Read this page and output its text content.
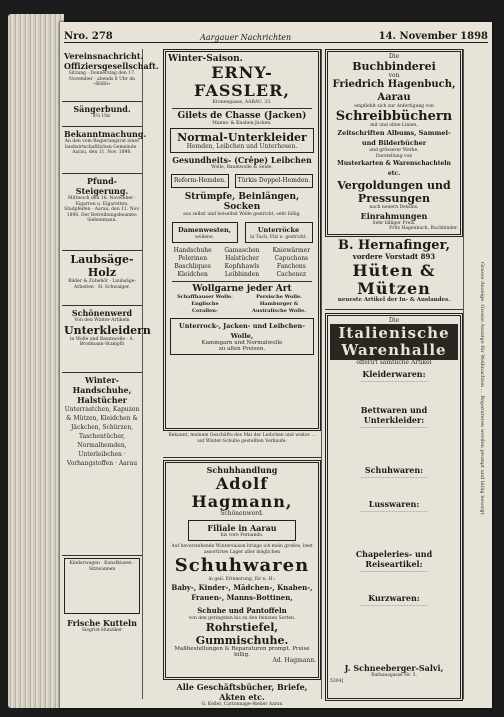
Nro. 278	Aargauer Nachrichten	14. November 1898
Vereinsnachricht.
Offiziersgesellschaft.
Sitzung · Donnerstag den 17. November · abends 8 Uhr im »Rößli«
Sängerbund.
8¼ Uhr.
Bekanntmachung.
An den vom Regierungsrat einer landwirtschaftlichen Gemeinde · Aarau, den 11. Nov. 1898.
Pfund-Steigerung.
Mittwoch den 16. November · Eigarren u. Eigaretten, Stadpfeifen · Aarau, den 11. Nov. 1898. Der Betreibungsbeamte: Siebenmann.
Laubsäge-Holz
Bilder & Zubehör · Laubsäge-Arbeiten · H. Schwaiger.
Schönenwerd
Von den Winter-Artikeln
Unterkleidern
in Wolle und Baumwolle · A. Brodmann-Stampfli
Winter-Handschuhe, Halstücher
Unterrastchen, Kapuzen & Mützen, Kleidchen & Jäckchen, Schürzen, Taschentücher, Normalhemden, Unterleibchen · Vorhangstoffen · Aarau
Kinderwagen · Kunstkissen · Sitzwannen
Frische Kutteln
Siegrist-Hunziker
Winter-Saison.
ERNY-FASSLER,
Kronengasse, AARAU, 33.
Gilets de Chasse (Jacken)
Manns- & Knaben-Jacken.
Normal-Unterkleider
Hemden, Leibchen und Unterhosen.
Gesundheits- (Crêpe) Leibchen
Wolle, Baumwolle & Seide.
Reform-Hemden.	Türkis Doppel-Hemden.
Strümpfe, Beinlängen, Socken
aus selbst und beiselbst Wolle gestrickt, sehr billig.
Damenwesten,
wollene.
Unterröcke
in Tuch, Filz u. gestrickt.
Handschuhe	Gamaschen	Kniewärmer
Pelerinen	Halstücher	Capuchons
Baschliques	Kopfshawls	Fanchons
Kleidchen	Leibbinden	Cachenez
Wollgarne jeder Art
Schaffhauser Wolle.	Persische Wolle.
Englische	Hamburger &
Corallen-	Australische Wolle.
Unterrock-, Jacken- und Leibchen-Wolle,
Kammgarn und Normalwolle
zu allen Preisen.
Bekannt, meinem Geschäfte des Mai der Leibchen und weiter ... auf Winter-Schuhe gestellten Verkaufe.
Schuhhandlung
Adolf Hagmann,
Schönenwerd.
Filiale in Aarau
bis vore Fernando.
Auf bevorstehende Wintersaison bringe ich mein großes, best assortirtes Lager aller möglichen
Schuhwaren
in geil. Erinnerung, für n. H.:
Baby-, Kinder-, Mädchen-, Knaben-, Frauen-, Manns-Bottinen,
Schuhe und Pantoffeln
von den geringsten bis zu den feinsten Sorten.
Rohrstiefel,
Gummischuhe.
Maßbestellungen & Reparaturen prompt. Preise billig.
Ad. Hagmann.
Alle Geschäftsbücher, Briefe, Akten etc.
G. Keller, Cartonnage-Atelier Aarau
Die
Buchbinderei
von
Friedrich Hagenbuch, Aarau
empfiehlt sich zur Anfertigung von
Schreibbüchern
mit und ohne Linien,
Zeitschriften Albums, Sammel- und Bilderbücher
und grösserer Werke.
Darstellung von
Musterkarten & Warenschachteln etc.
Vergoldungen und Pressungen
nach neuern Dessins.
Einrahmungen
Sehr billiger Preis.
Fritz Hagenbuch, Buchbinder.
B. Hernafinger,
vordere Vorstadt 893
Hüten & Mützen
neueste Artikel der In- & Auslandes.
Die
Italienische Warenhalle
offerirt sämtliche Artikel
Kleiderwaren:
………………………………………
Bettwaren und Unterkleider:
………………………………………
Schuhwaren:
………………………………………
Lusswaren:
………………………………………
Chapeleries- und Reiseartikel:
………………………………………
Kurzwaren:
………………………………………
J. Schneeberger-Salvi,
Rathausgasse Nr. 3.
5304]
Grosse Anzeige. Grosse Anzeige für Weihnachten ... Reparaturen werden prompt und billig besorgt.
